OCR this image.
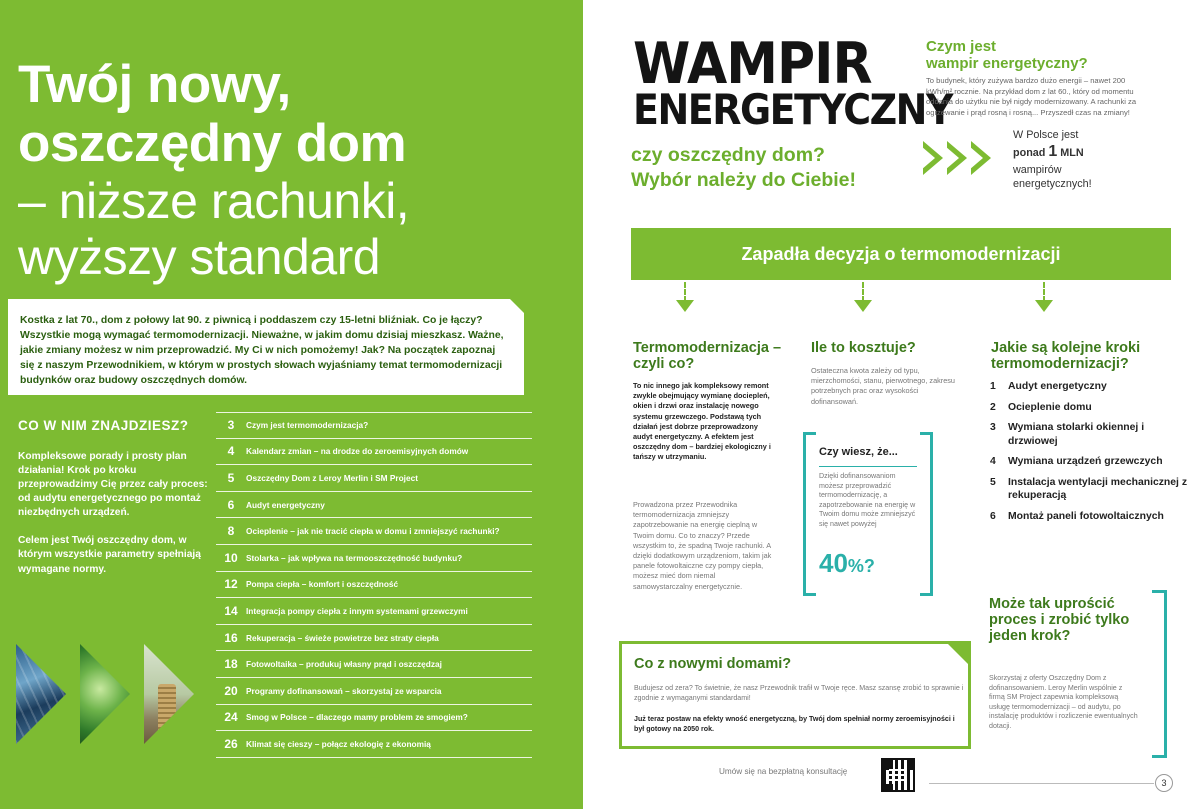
Twój nowy,
oszczędny dom
– niższe rachunki,
wyższy standard

Kostka z lat 70., dom z połowy lat 90. z piwnicą i poddaszem czy 15-letni bliźniak. Co je łączy? Wszystkie mogą wymagać termomodernizacji. Nieważne, w jakim domu dzisiaj mieszkasz. Ważne, jakie zmiany możesz w nim przeprowadzić. My Ci w nich pomożemy! Jak? Na początek zapoznaj się z naszym Przewodnikiem, w którym w prostych słowach wyjaśniamy temat termomodernizacji budynków oraz budowy oszczędnych domów.

CO W NIM ZNAJDZIESZ?

Kompleksowe porady i prosty plan działania! Krok po kroku przeprowadzimy Cię przez cały proces: od audytu energetycznego po montaż niezbędnych urządzeń.

Celem jest Twój oszczędny dom, w którym wszystkie parametry spełniają wymagane normy.

3	Czym jest termomodernizacja?
4	Kalendarz zmian – na drodze do zeroemisyjnych domów
5	Oszczędny Dom z Leroy Merlin i SM Project
6	Audyt energetyczny
8	Ocieplenie – jak nie tracić ciepła w domu i zmniejszyć rachunki?
10	Stolarka – jak wpływa na termooszczędność budynku?
12	Pompa ciepła – komfort i oszczędność
14	Integracja pompy ciepła z innym systemami grzewczymi
16	Rekuperacja – świeże powietrze bez straty ciepła
18	Fotowoltaika – produkuj własny prąd i oszczędzaj
20	Programy dofinansowań – skorzystaj ze wsparcia
24	Smog w Polsce – dlaczego mamy problem ze smogiem?
26	Klimat się cieszy – połącz ekologię z ekonomią
WAMPIR
ENERGETYCZNY
czy oszczędny dom?
Wybór należy do Ciebie!
Czym jest
wampir energetyczny?
To budynek, który zużywa bardzo dużo energii – nawet 200 kWh/m² rocznie. Na przykład dom z lat 60., który od momentu oddania do użytku nie był nigdy modernizowany. A rachunki za ogrzewanie i prąd rosną i rosną... Przyszedł czas na zmiany!
W Polsce jest
ponad 1 MLN
wampirów
energetycznych!
Zapadła decyzja o termomodernizacji
Termomodernizacja – czyli co?
To nic innego jak kompleksowy remont zwykle obejmujący wymianę dociepleń, okien i drzwi oraz instalację nowego systemu grzewczego. Podstawą tych działań jest dobrze przeprowadzony audyt energetyczny. A efektem jest oszczędny dom – bardziej ekologiczny i tańszy w utrzymaniu.
Prowadzona przez Przewodnika termomodernizacja zmniejszy zapotrzebowanie na energię cieplną w Twoim domu. Co to znaczy? Przede wszystkim to, że spadną Twoje rachunki. A dzięki dodatkowym urządzeniom, takim jak panele fotowoltaiczne czy pompy ciepła, możesz mieć dom niemal samowystarczalny energetycznie.
Ile to kosztuje?
Ostateczna kwota zależy od typu, mierzchomości, stanu, pierwotnego, zakresu potrzebnych prac oraz wysokości dofinansowań.
Czy wiesz, że...
Dzięki dofinansowaniom możesz przeprowadzić termomodernizację, a zapotrzebowanie na energię w Twoim domu może zmniejszyć się nawet powyżej
40%?
Jakie są kolejne kroki termomodernizacji?
1	Audyt energetyczny
2	Ocieplenie domu
3	Wymiana stolarki okiennej i drzwiowej
4	Wymiana urządzeń grzewczych
5	Instalacja wentylacji mechanicznej z rekuperacją
6	Montaż paneli fotowoltaicznych
Może tak uprościć proces i zrobić tylko jeden krok?
Skorzystaj z oferty Oszczędny Dom z dofinansowaniem. Leroy Merlin wspólnie z firmą SM Project zapewnia kompleksową usługę termomodernizacji – od audytu, po instalację produktów i rozliczenie ewentualnych dotacji.
Co z nowymi domami?
Budujesz od zera? To świetnie, że nasz Przewodnik trafił w Twoje ręce. Masz szansę zrobić to sprawnie i zgodnie z wymaganymi standardami!
Już teraz postaw na efekty wność energetyczną, by Twój dom spełniał normy zeroemisyjności i był gotowy na 2050 rok.
Umów się na bezpłatną konsultację
3
